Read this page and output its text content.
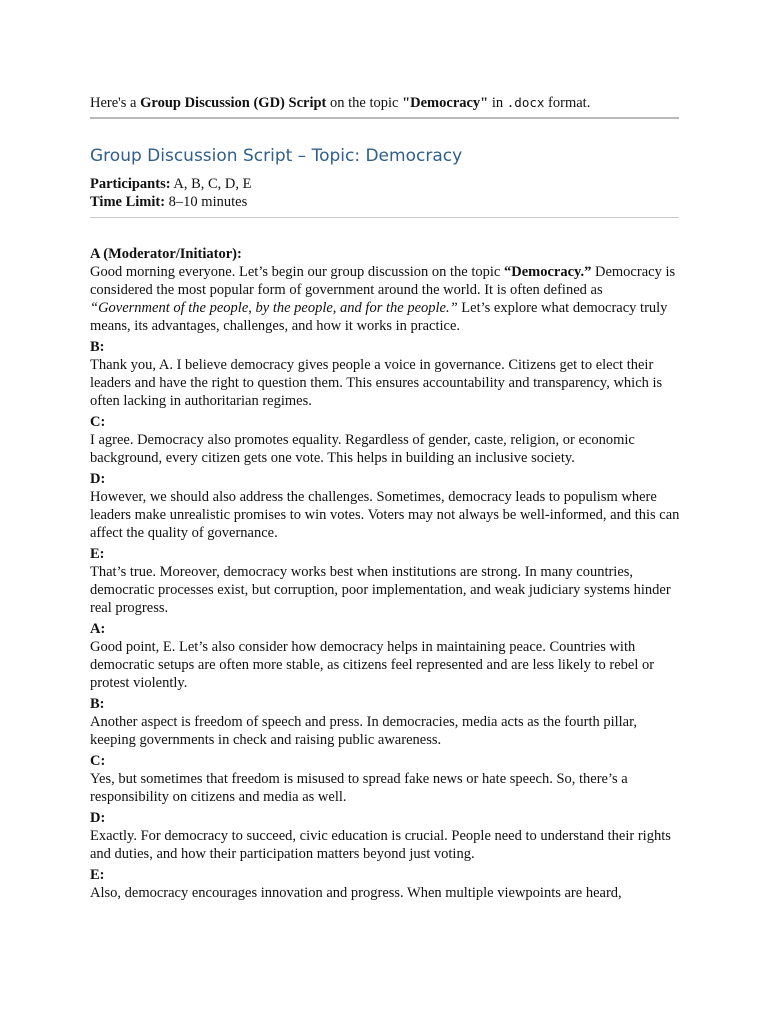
Here's a Group Discussion (GD) Script on the topic "Democracy" in .docx format.
Group Discussion Script – Topic: Democracy
Participants: A, B, C, D, E
Time Limit: 8–10 minutes
A (Moderator/Initiator):
Good morning everyone. Let’s begin our group discussion on the topic “Democracy.” Democracy is considered the most popular form of government around the world. It is often defined as “Government of the people, by the people, and for the people.” Let’s explore what democracy truly means, its advantages, challenges, and how it works in practice.
B:
Thank you, A. I believe democracy gives people a voice in governance. Citizens get to elect their leaders and have the right to question them. This ensures accountability and transparency, which is often lacking in authoritarian regimes.
C:
I agree. Democracy also promotes equality. Regardless of gender, caste, religion, or economic background, every citizen gets one vote. This helps in building an inclusive society.
D:
However, we should also address the challenges. Sometimes, democracy leads to populism where leaders make unrealistic promises to win votes. Voters may not always be well-informed, and this can affect the quality of governance.
E:
That’s true. Moreover, democracy works best when institutions are strong. In many countries, democratic processes exist, but corruption, poor implementation, and weak judiciary systems hinder real progress.
A:
Good point, E. Let’s also consider how democracy helps in maintaining peace. Countries with democratic setups are often more stable, as citizens feel represented and are less likely to rebel or protest violently.
B:
Another aspect is freedom of speech and press. In democracies, media acts as the fourth pillar, keeping governments in check and raising public awareness.
C:
Yes, but sometimes that freedom is misused to spread fake news or hate speech. So, there’s a responsibility on citizens and media as well.
D:
Exactly. For democracy to succeed, civic education is crucial. People need to understand their rights and duties, and how their participation matters beyond just voting.
E:
Also, democracy encourages innovation and progress. When multiple viewpoints are heard,
